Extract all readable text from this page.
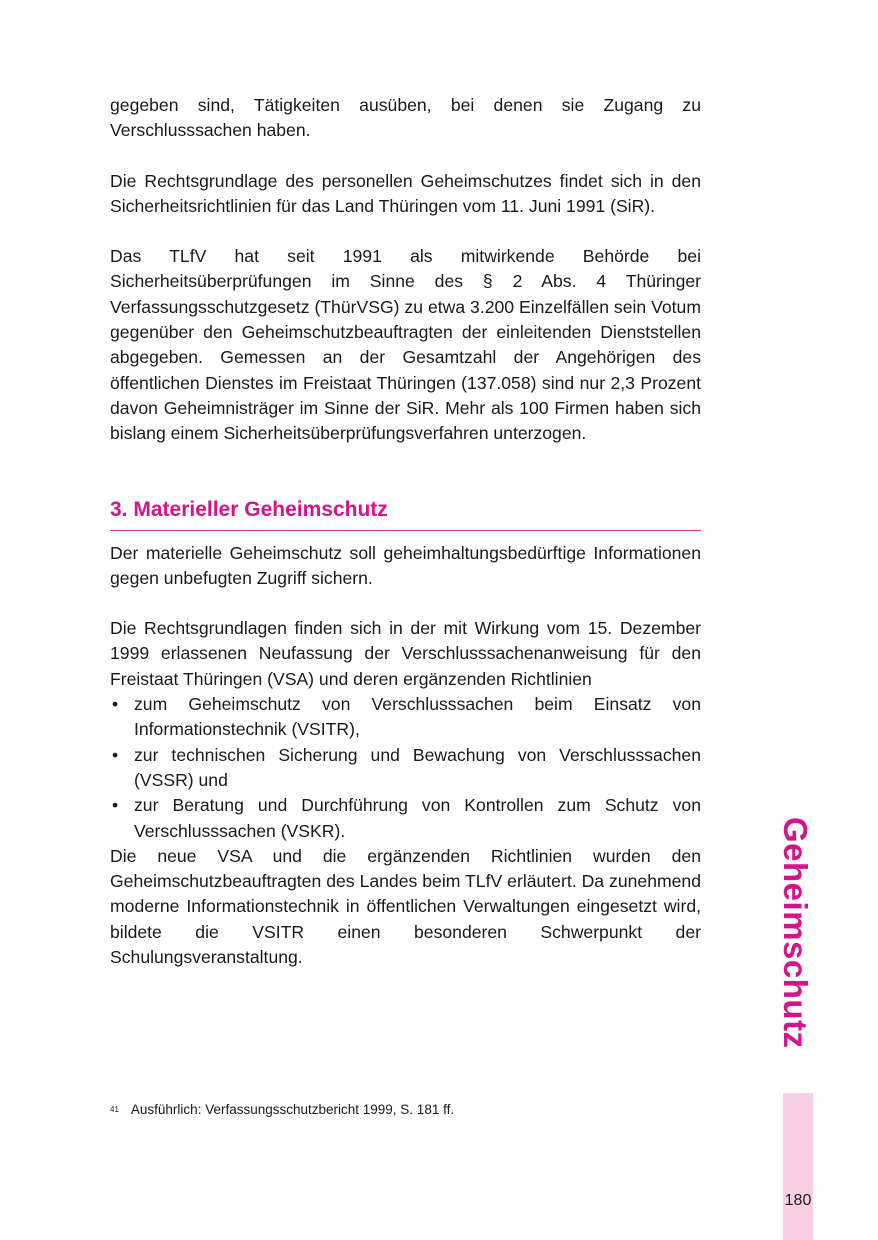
gegeben sind, Tätigkeiten ausüben, bei denen sie Zugang zu Verschlusssachen haben.

Die Rechtsgrundlage des personellen Geheimschutzes findet sich in den Sicherheitsrichtlinien für das Land Thüringen vom 11. Juni 1991 (SiR).

Das TLfV hat seit 1991 als mitwirkende Behörde bei Sicherheitsüberprüfungen im Sinne des § 2 Abs. 4 Thüringer Verfassungsschutzgesetz (ThürVSG) zu etwa 3.200 Einzelfällen sein Votum gegenüber den Geheimschutzbeauftragten der einleitenden Dienststellen abgegeben. Gemessen an der Gesamtzahl der Angehörigen des öffentlichen Dienstes im Freistaat Thüringen (137.058) sind nur 2,3 Prozent davon Geheimnisträger im Sinne der SiR. Mehr als 100 Firmen haben sich bislang einem Sicherheitsüberprüfungsverfahren unterzogen.

3. Materieller Geheimschutz

Der materielle Geheimschutz soll geheimhaltungsbedürftige Informationen gegen unbefugten Zugriff sichern.

Die Rechtsgrundlagen finden sich in der mit Wirkung vom 15. Dezember 1999 erlassenen Neufassung der Verschlusssachenanweisung für den Freistaat Thüringen (VSA) und deren ergänzenden Richtlinien

• zum Geheimschutz von Verschlusssachen beim Einsatz von Informationstechnik (VSITR),
• zur technischen Sicherung und Bewachung von Verschlusssachen (VSSR) und
• zur Beratung und Durchführung von Kontrollen zum Schutz von Verschlusssachen (VSKR).

Die neue VSA und die ergänzenden Richtlinien wurden den Geheimschutzbeauftragten des Landes beim TLfV erläutert. Da zunehmend moderne Informationstechnik in öffentlichen Verwaltungen eingesetzt wird, bildete die VSITR einen besonderen Schwerpunkt der Schulungsveranstaltung.

$^{41}$ Ausführlich: Verfassungsschutzbericht 1999, S. 181 ff.
Geheimschutz
180
